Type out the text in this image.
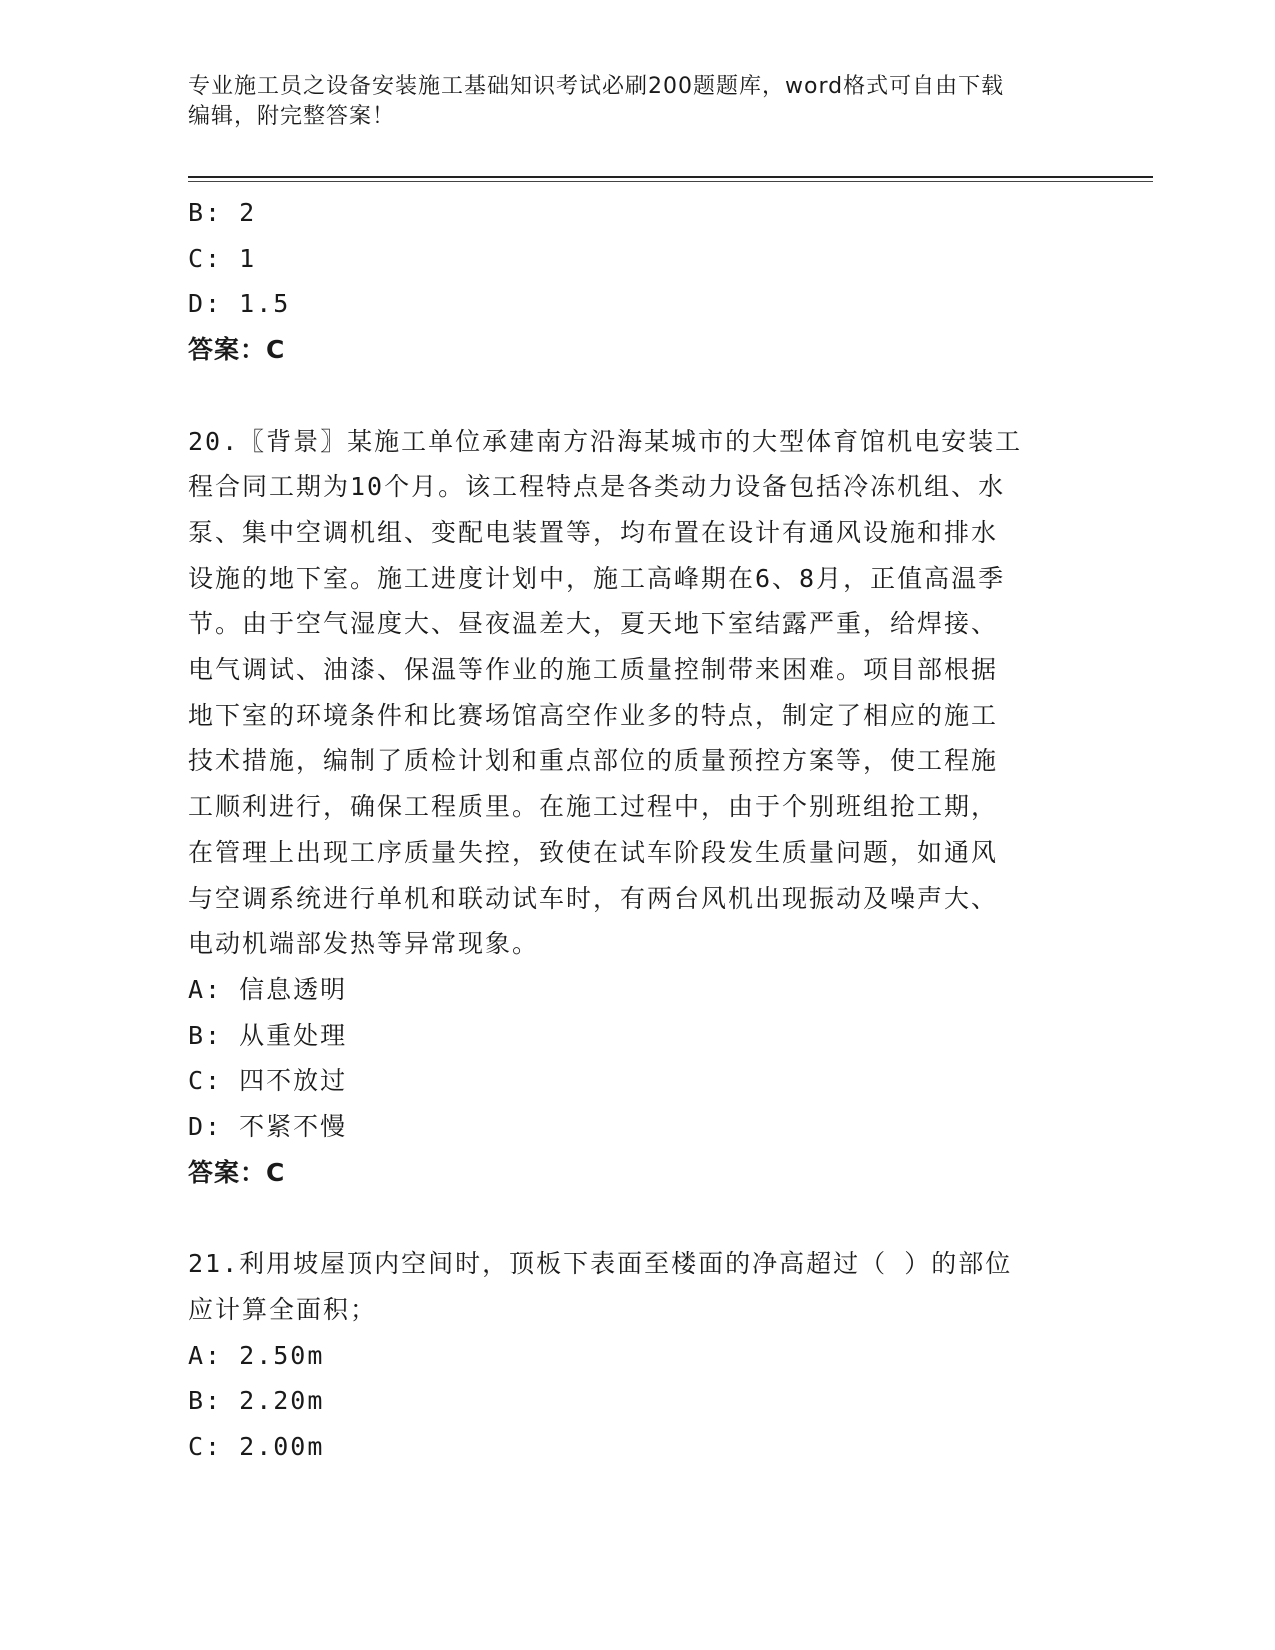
专业施工员之设备安装施工基础知识考试必刷200题题库，word格式可自由下载
编辑，附完整答案！
B: 2
C: 1
D: 1.5
答案：C
20.〖背景〗某施工单位承建南方沿海某城市的大型体育馆机电安装工
程合同工期为10个月。该工程特点是各类动力设备包括冷冻机组、水
泵、集中空调机组、变配电装置等，均布置在设计有通风设施和排水
设施的地下室。施工进度计划中，施工高峰期在6、8月，正值高温季
节。由于空气湿度大、昼夜温差大，夏天地下室结露严重，给焊接、
电气调试、油漆、保温等作业的施工质量控制带来困难。项目部根据
地下室的环境条件和比赛场馆高空作业多的特点，制定了相应的施工
技术措施，编制了质检计划和重点部位的质量预控方案等，使工程施
工顺利进行，确保工程质里。在施工过程中，由于个别班组抢工期，
在管理上出现工序质量失控，致使在试车阶段发生质量问题，如通风
与空调系统进行单机和联动试车时，有两台风机出现振动及噪声大、
电动机端部发热等异常现象。
A: 信息透明
B: 从重处理
C: 四不放过
D: 不紧不慢
答案：C
21.利用坡屋顶内空间时，顶板下表面至楼面的净高超过（ ）的部位
应计算全面积；
A: 2.50m
B: 2.20m
C: 2.00m
